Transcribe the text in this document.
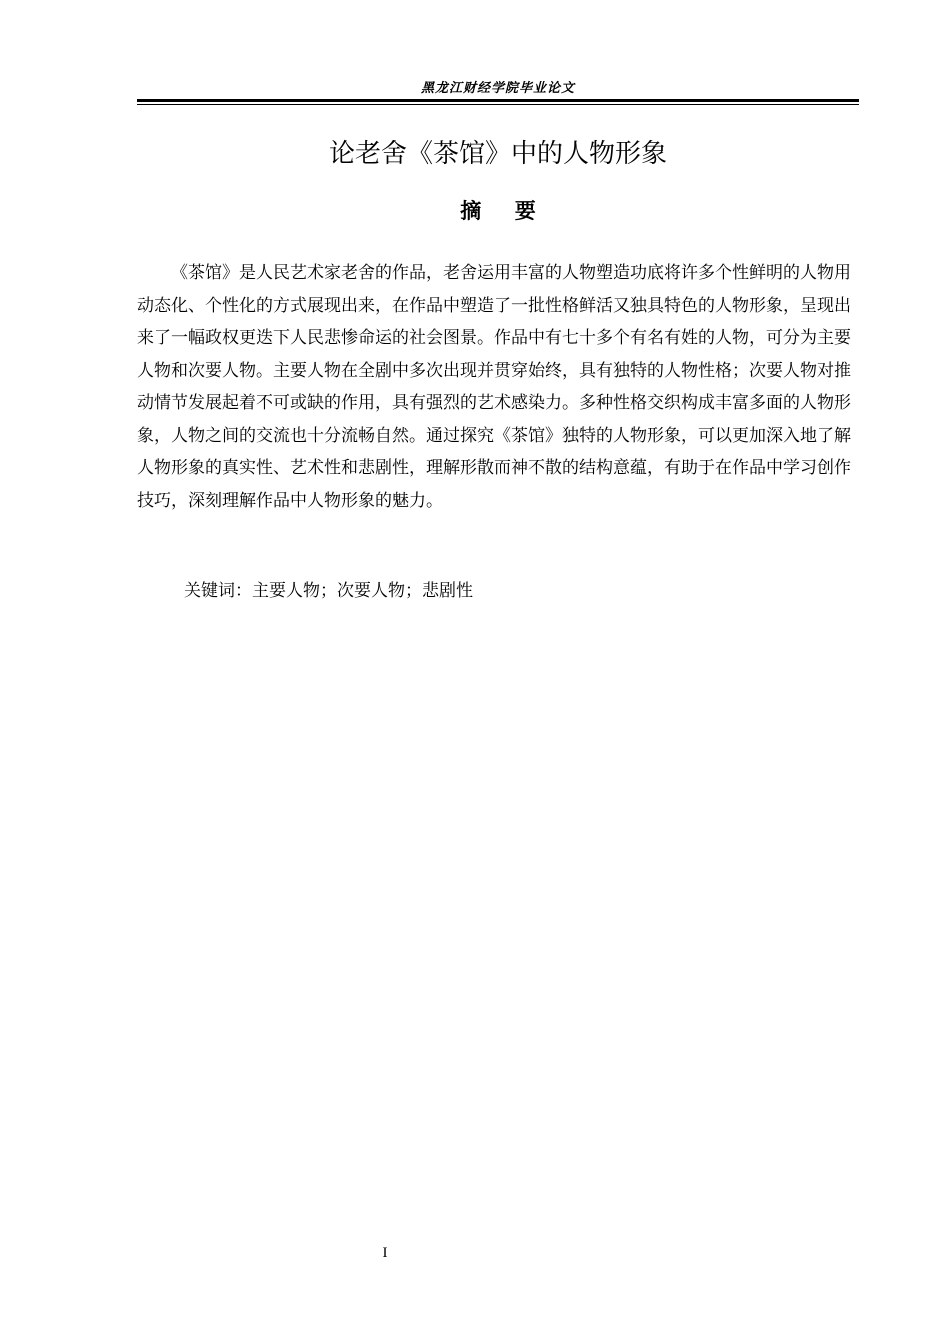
黑龙江财经学院毕业论文
论老舍《茶馆》中的人物形象
摘要

《茶馆》是人民艺术家老舍的作品，老舍运用丰富的人物塑造功底将许多个性鲜明的人物用动态化、个性化的方式展现出来，在作品中塑造了一批性格鲜活又独具特色的人物形象，呈现出来了一幅政权更迭下人民悲惨命运的社会图景。作品中有七十多个有名有姓的人物，可分为主要人物和次要人物。主要人物在全剧中多次出现并贯穿始终，具有独特的人物性格；次要人物对推动情节发展起着不可或缺的作用，具有强烈的艺术感染力。多种性格交织构成丰富多面的人物形象，人物之间的交流也十分流畅自然。通过探究《茶馆》独特的人物形象，可以更加深入地了解人物形象的真实性、艺术性和悲剧性，理解形散而神不散的结构意蕴，有助于在作品中学习创作技巧，深刻理解作品中人物形象的魅力。

关键词：主要人物；次要人物；悲剧性
I
